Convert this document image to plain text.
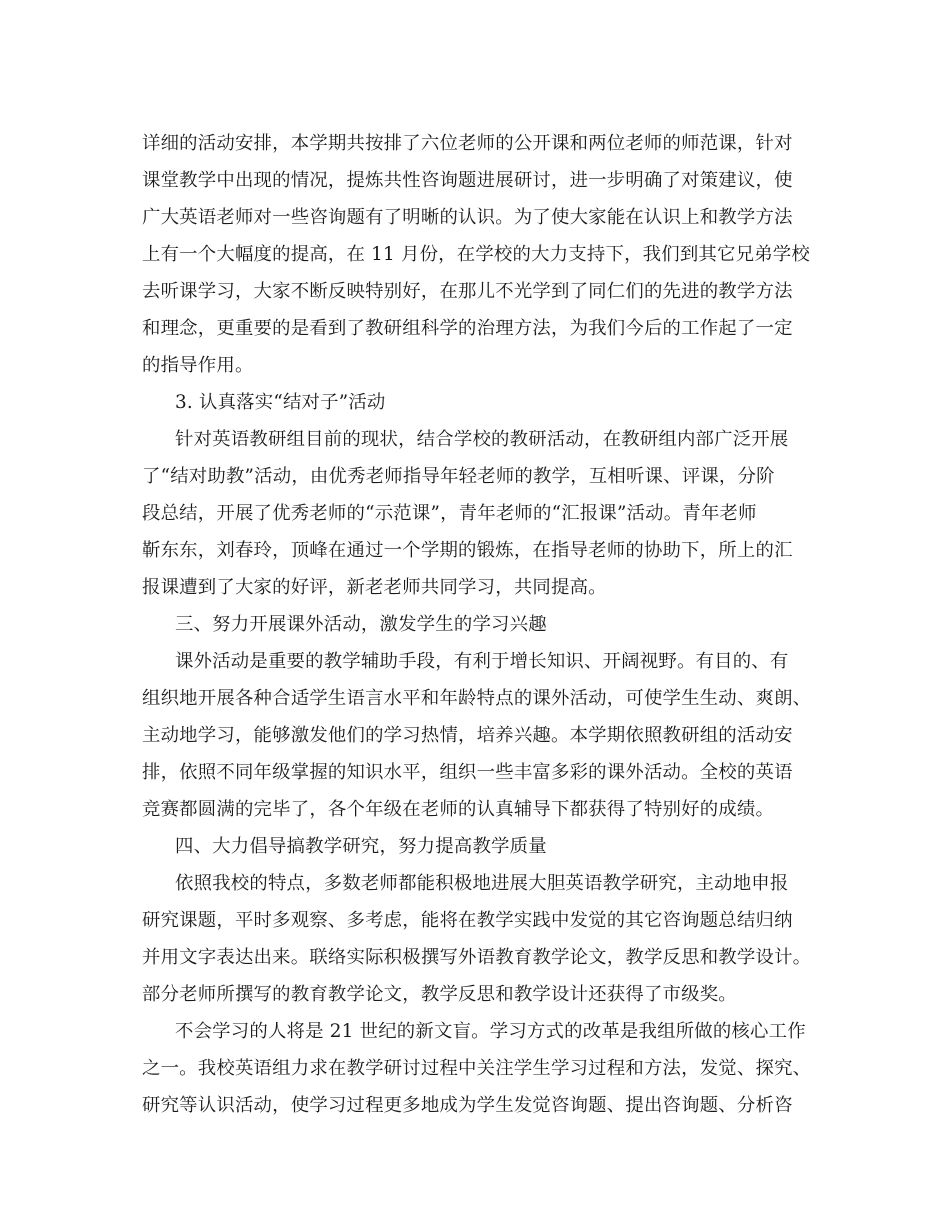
详细的活动安排，本学期共按排了六位老师的公开课和两位老师的师范课，针对
课堂教学中出现的情况，提炼共性咨询题进展研讨，进一步明确了对策建议，使
广大英语老师对一些咨询题有了明晰的认识。为了使大家能在认识上和教学方法
上有一个大幅度的提高，在 11 月份，在学校的大力支持下，我们到其它兄弟学校
去听课学习，大家不断反映特别好，在那儿不光学到了同仁们的先进的教学方法
和理念，更重要的是看到了教研组科学的治理方法，为我们今后的工作起了一定
的指导作用。
3. 认真落实“结对子”活动
针对英语教研组目前的现状，结合学校的教研活动，在教研组内部广泛开展
了“结对助教”活动，由优秀老师指导年轻老师的教学，互相听课、评课，分阶
段总结，开展了优秀老师的“示范课”，青年老师的“汇报课”活动。青年老师
靳东东，刘春玲，顶峰在通过一个学期的锻炼，在指导老师的协助下，所上的汇
报课遭到了大家的好评，新老老师共同学习，共同提高。
三、努力开展课外活动，激发学生的学习兴趣
课外活动是重要的教学辅助手段，有利于增长知识、开阔视野。有目的、有
组织地开展各种合适学生语言水平和年龄特点的课外活动，可使学生生动、爽朗、
主动地学习，能够激发他们的学习热情，培养兴趣。本学期依照教研组的活动安
排，依照不同年级掌握的知识水平，组织一些丰富多彩的课外活动。全校的英语
竞赛都圆满的完毕了，各个年级在老师的认真辅导下都获得了特别好的成绩。
四、大力倡导搞教学研究，努力提高教学质量
依照我校的特点，多数老师都能积极地进展大胆英语教学研究，主动地申报
研究课题，平时多观察、多考虑，能将在教学实践中发觉的其它咨询题总结归纳
并用文字表达出来。联络实际积极撰写外语教育教学论文，教学反思和教学设计。
部分老师所撰写的教育教学论文，教学反思和教学设计还获得了市级奖。
不会学习的人将是 21 世纪的新文盲。学习方式的改革是我组所做的核心工作
之一。我校英语组力求在教学研讨过程中关注学生学习过程和方法，发觉、探究、
研究等认识活动，使学习过程更多地成为学生发觉咨询题、提出咨询题、分析咨
